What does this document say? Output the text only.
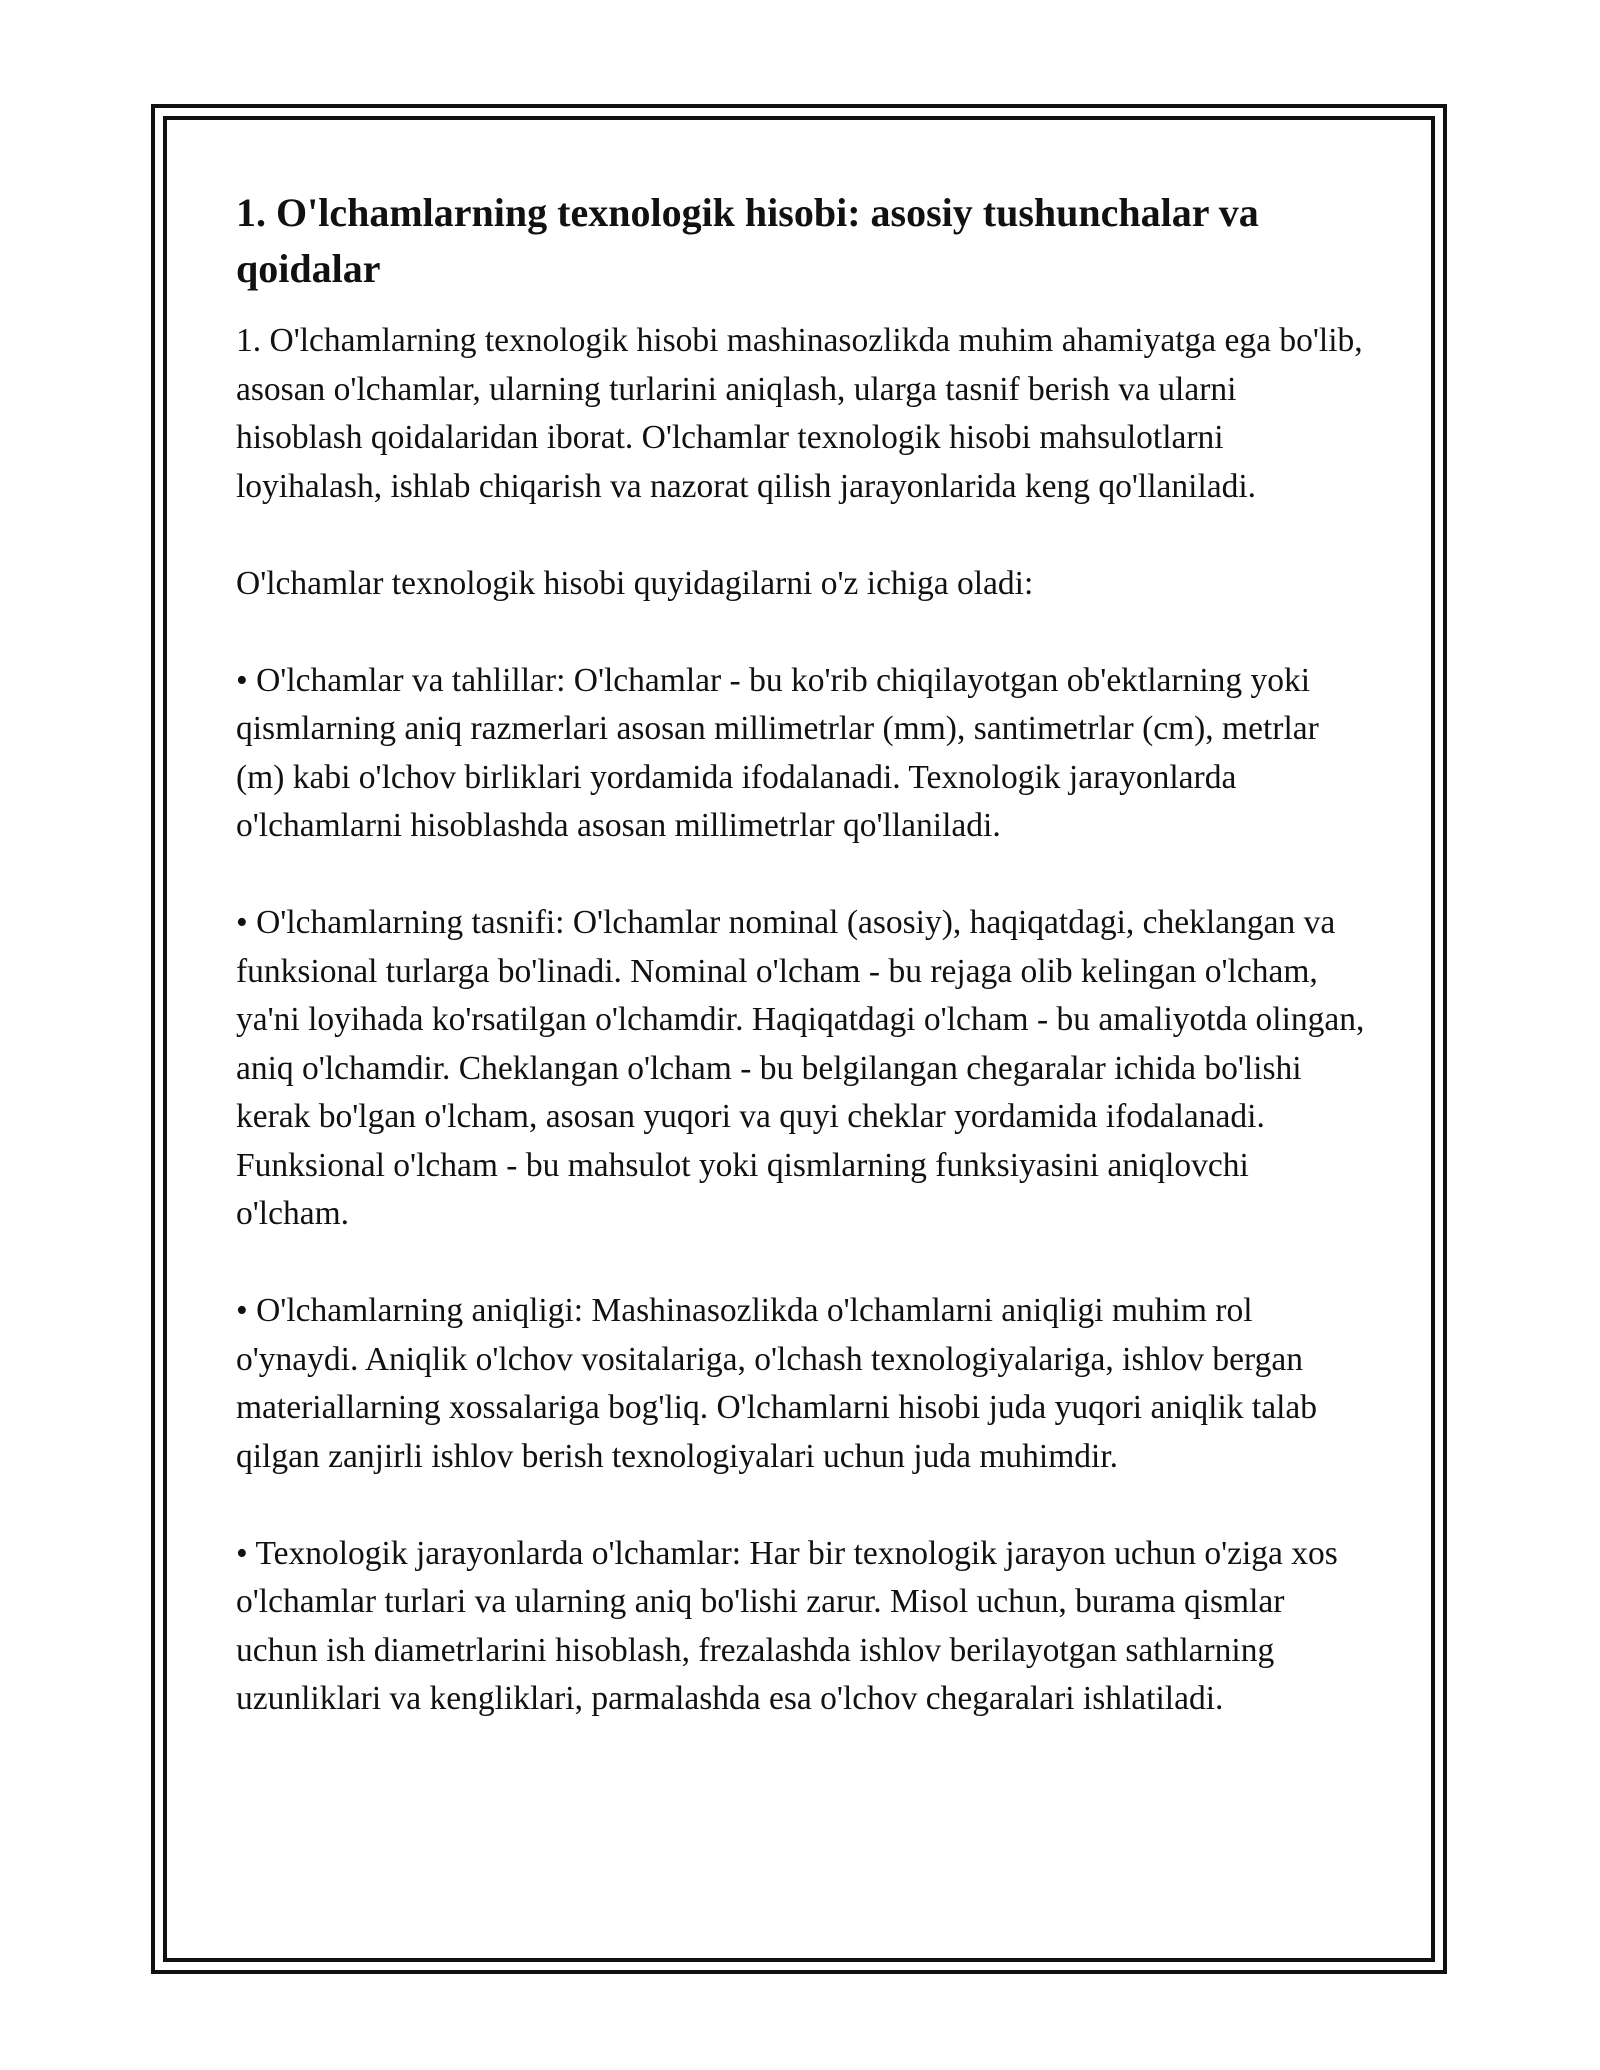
1. O'lchamlarning texnologik hisobi: asosiy tushunchalar va qoidalar

1. O'lchamlarning texnologik hisobi mashinasozlikda muhim ahamiyatga ega bo'lib, asosan o'lchamlar, ularning turlarini aniqlash, ularga tasnif berish va ularni hisoblash qoidalaridan iborat. O'lchamlar texnologik hisobi mahsulotlarni loyihalash, ishlab chiqarish va nazorat qilish jarayonlarida keng qo'llaniladi.

O'lchamlar texnologik hisobi quyidagilarni o'z ichiga oladi:

• O'lchamlar va tahlillar: O'lchamlar - bu ko'rib chiqilayotgan ob'ektlarning yoki qismlarning aniq razmerlari asosan millimetrlar (mm), santimetrlar (cm), metrlar (m) kabi o'lchov birliklari yordamida ifodalanadi. Texnologik jarayonlarda o'lchamlarni hisoblashda asosan millimetrlar qo'llaniladi.

• O'lchamlarning tasnifi: O'lchamlar nominal (asosiy), haqiqatdagi, cheklangan va funksional turlarga bo'linadi. Nominal o'lcham - bu rejaga olib kelingan o'lcham, ya'ni loyihada ko'rsatilgan o'lchamdir. Haqiqatdagi o'lcham - bu amaliyotda olingan, aniq o'lchamdir. Cheklangan o'lcham - bu belgilangan chegaralar ichida bo'lishi kerak bo'lgan o'lcham, asosan yuqori va quyi cheklar yordamida ifodalanadi. Funksional o'lcham - bu mahsulot yoki qismlarning funksiyasini aniqlovchi o'lcham.

• O'lchamlarning aniqligi: Mashinasozlikda o'lchamlarni aniqligi muhim rol o'ynaydi. Aniqlik o'lchov vositalariga, o'lchash texnologiyalariga, ishlov bergan materiallarning xossalariga bog'liq. O'lchamlarni hisobi juda yuqori aniqlik talab qilgan zanjirli ishlov berish texnologiyalari uchun juda muhimdir.

• Texnologik jarayonlarda o'lchamlar: Har bir texnologik jarayon uchun o'ziga xos o'lchamlar turlari va ularning aniq bo'lishi zarur. Misol uchun, burama qismlar uchun ish diametrlarini hisoblash, frezalashda ishlov berilayotgan sathlarning uzunliklari va kengliklari, parmalashda esa o'lchov chegaralari ishlatiladi.
